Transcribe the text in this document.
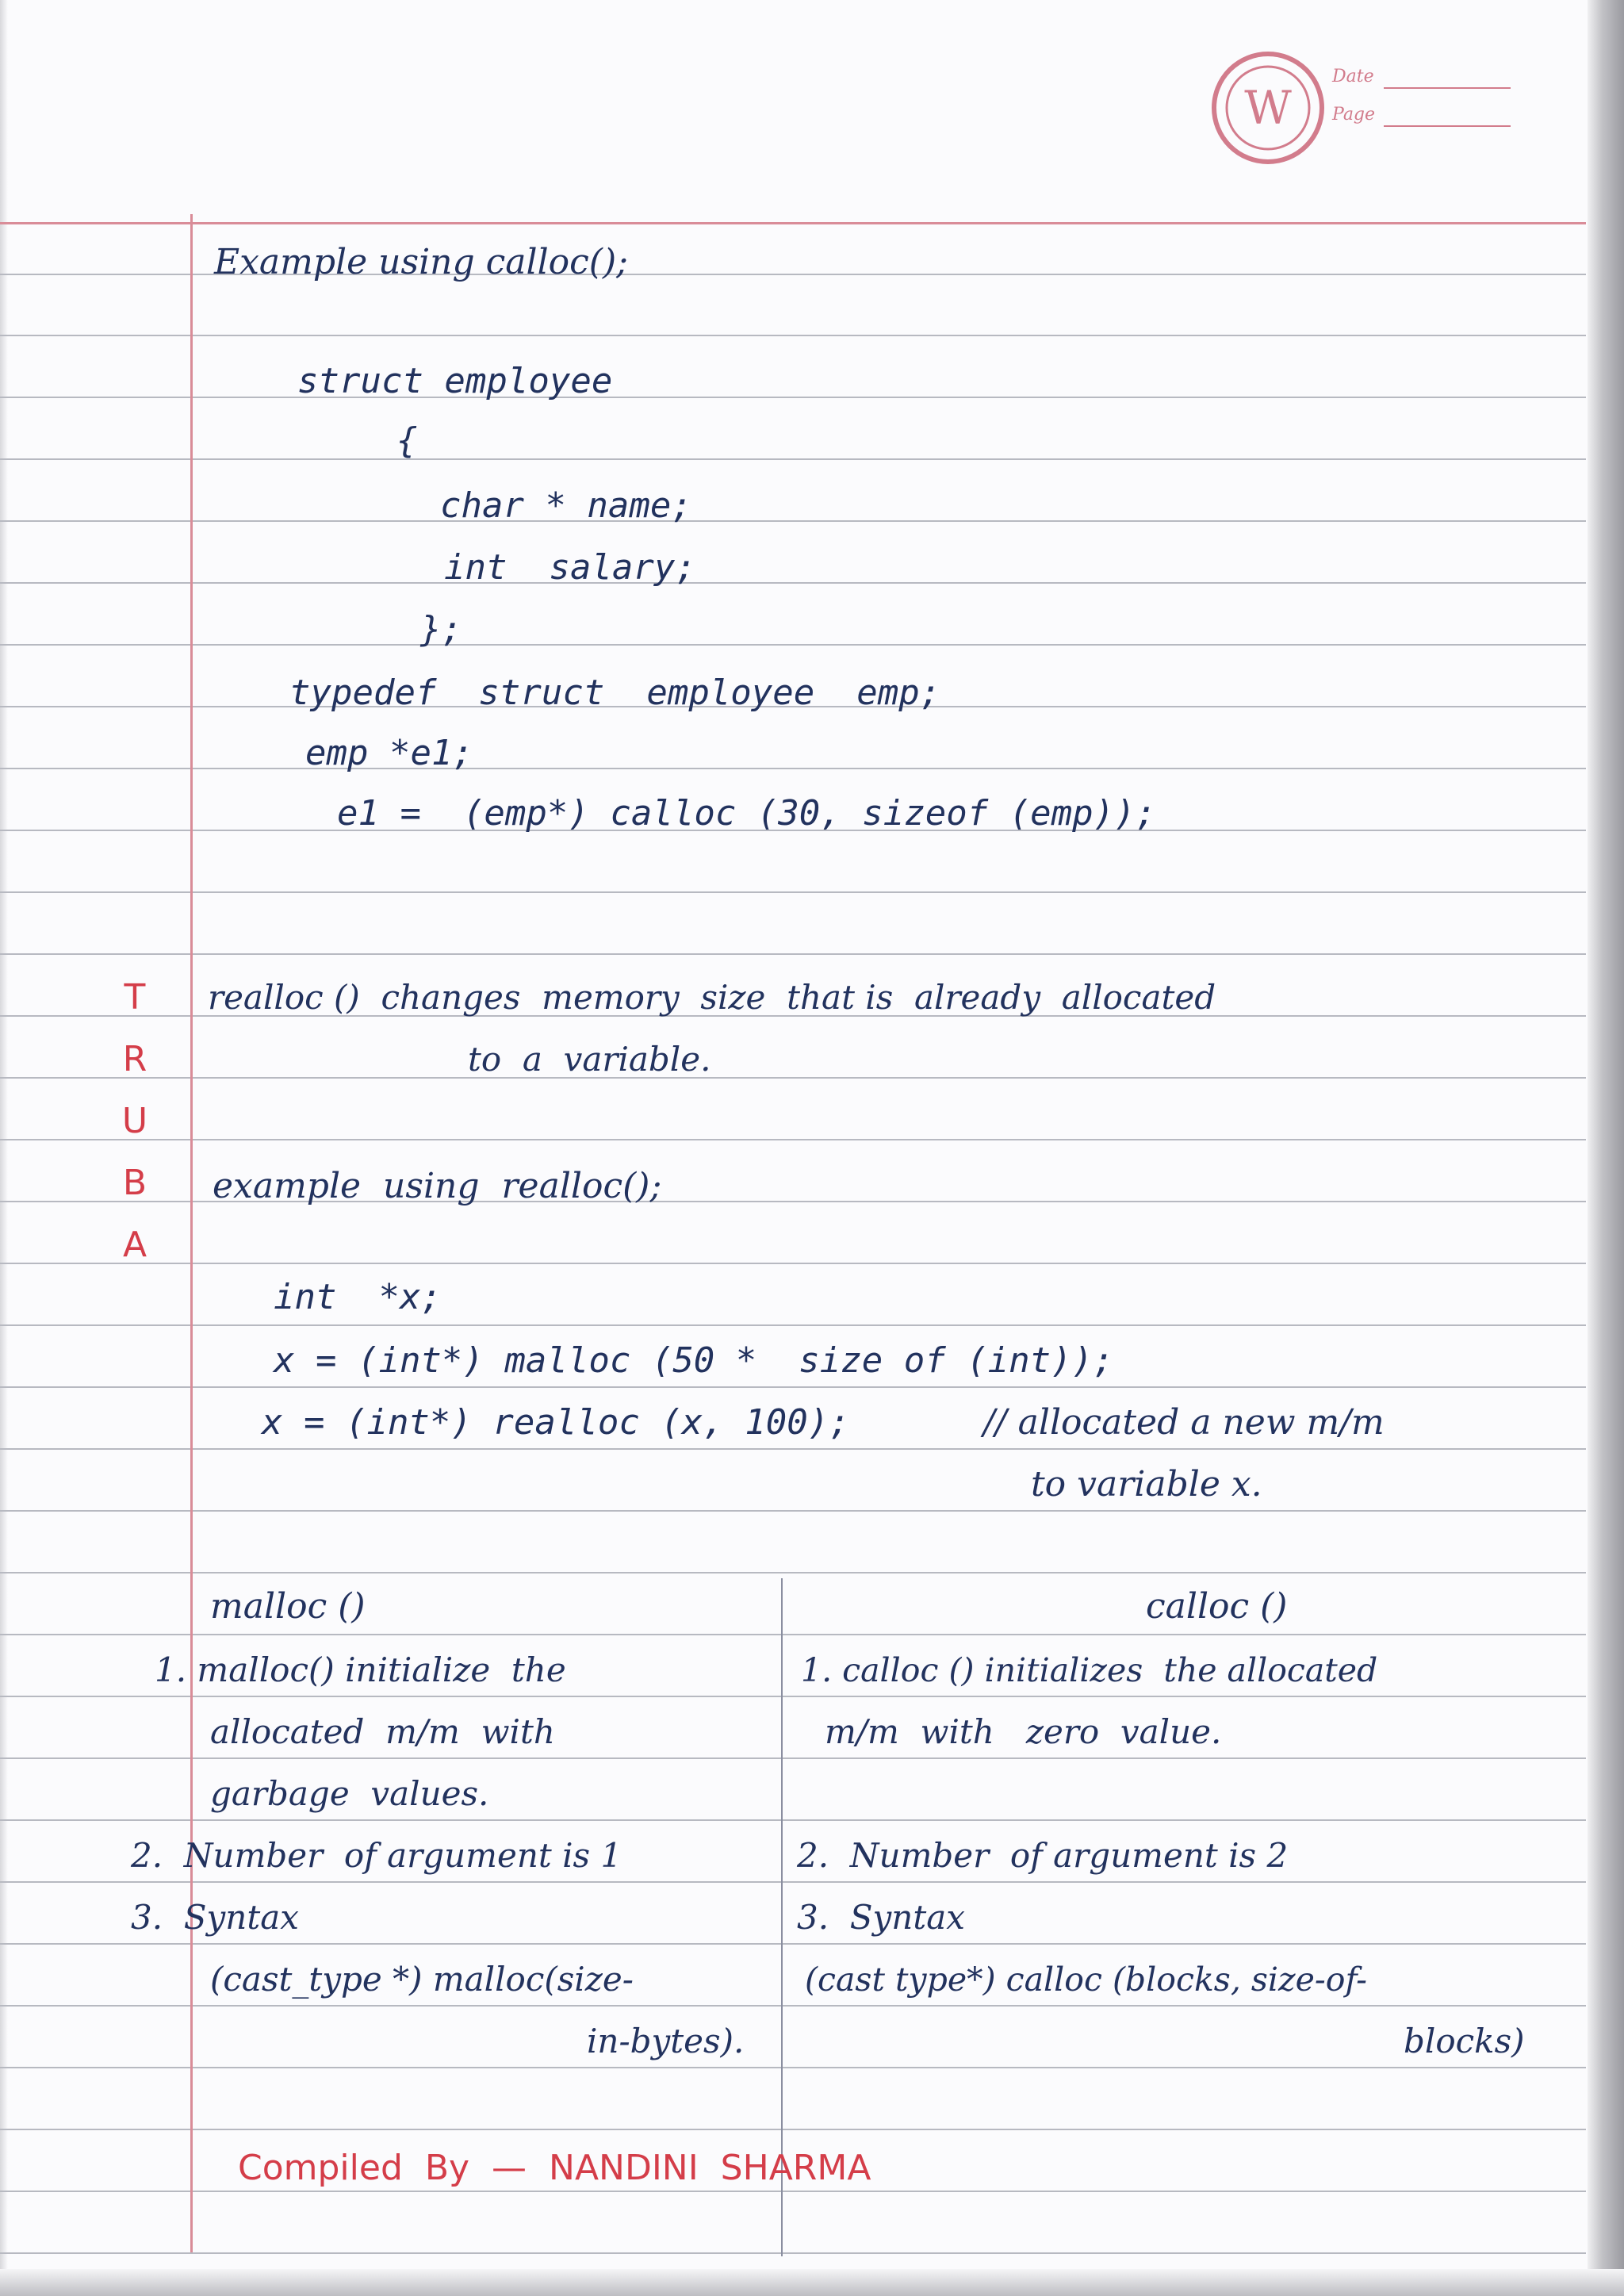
W
Date
Page
Example using calloc();
struct employee
{
char * name;
int  salary;
};
typedef  struct  employee  emp;
emp *e1;
e1 =  (emp*) calloc (30, sizeof (emp));
T
R
U
B
A
realloc ()  changes  memory  size  that is  already  allocated
to  a  variable.
example  using  realloc();
int  *x;
x = (int*) malloc (50 *  size of (int));
x = (int*) realloc (x, 100);	// allocated a new m/m
to variable x.
malloc ()	calloc ()
1. malloc() initialize  the
allocated  m/m  with
garbage  values.
2.  Number  of argument is 1
3.  Syntax
(cast_type *) malloc(size-
in-bytes).
1. calloc () initializes  the allocated
m/m  with   zero  value.
2.  Number  of argument is 2
3.  Syntax
(cast type*) calloc (blocks, size-of-
blocks)
Compiled  By  —  NANDINI  SHARMA
